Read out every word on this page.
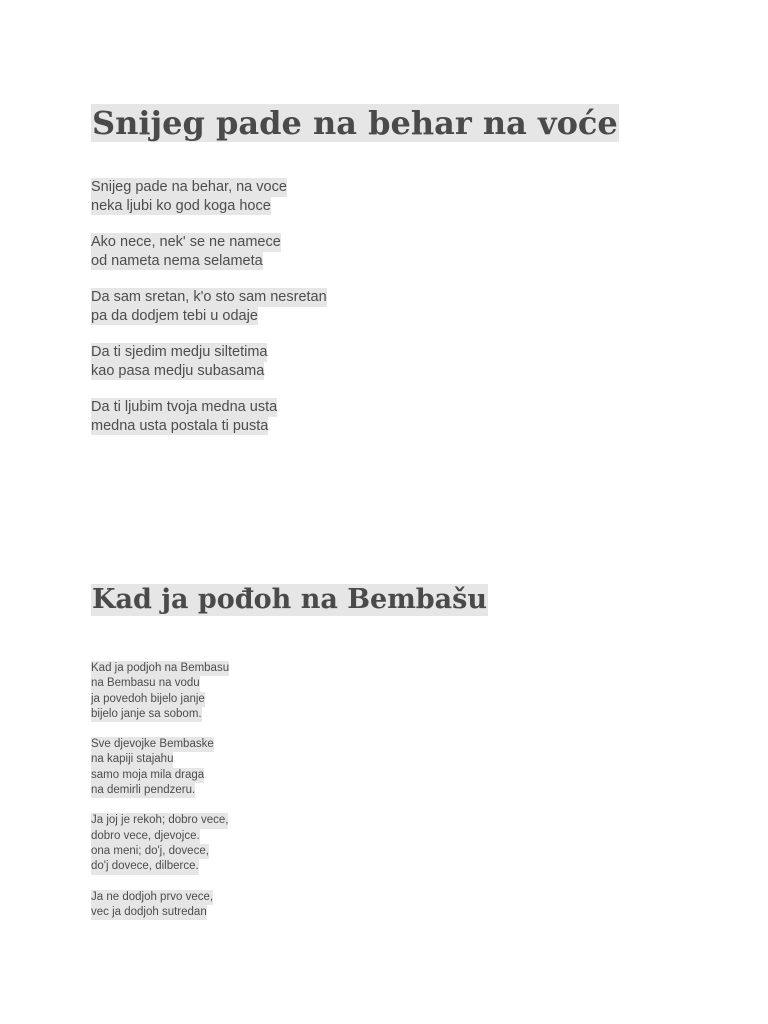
Snijeg pade na behar na voće
Snijeg pade na behar, na voce
neka ljubi ko god koga hoce
Ako nece, nek' se ne namece
od nameta nema selameta
Da sam sretan, k'o sto sam nesretan
pa da dodjem tebi u odaje
Da ti sjedim medju siltetima
kao pasa medju subasama
Da ti ljubim tvoja medna usta
medna usta postala ti pusta
Kad ja pođoh na Bembašu
Kad ja podjoh na Bembasu
na Bembasu na vodu
ja povedoh bijelo janje
bijelo janje sa sobom.
Sve djevojke Bembaske
na kapiji stajahu
samo moja mila draga
na demirli pendzeru.
Ja joj je rekoh; dobro vece,
dobro vece, djevojce.
ona meni; do'j, dovece,
do'j dovece, dilberce.
Ja ne dodjoh prvo vece,
vec ja dodjoh sutredan
